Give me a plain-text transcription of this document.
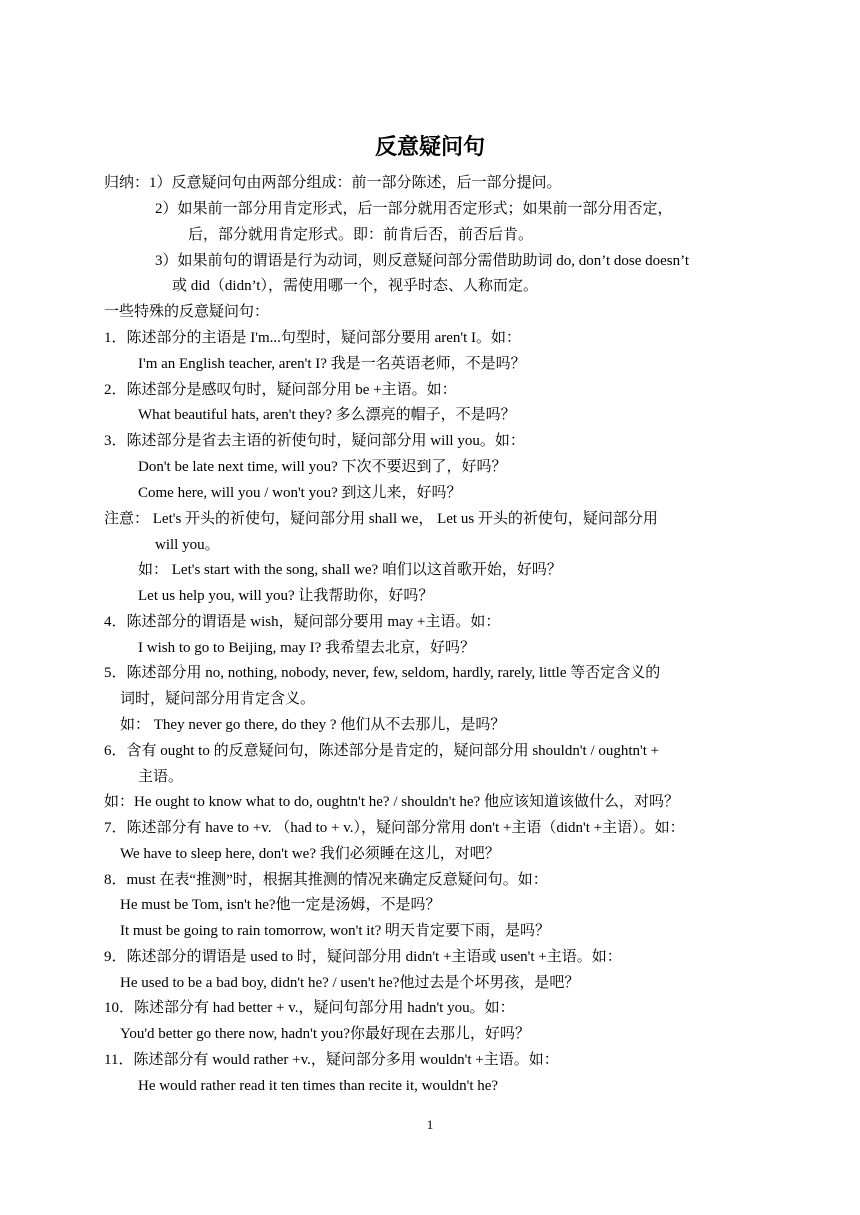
反意疑问句
归纳：1）反意疑问句由两部分组成：前一部分陈述，后一部分提问。
2）如果前一部分用肯定形式，后一部分就用否定形式；如果前一部分用否定，
后，部分就用肯定形式。即：前肯后否，前否后肯。
3）如果前句的谓语是行为动词，则反意疑问部分需借助助词 do, don’t dose doesn’t
或 did（didn’t），需使用哪一个，视乎时态、人称而定。
一些特殊的反意疑问句：
1．陈述部分的主语是 I'm...句型时，疑问部分要用 aren't I。如：
I'm an English teacher, aren't I? 我是一名英语老师，不是吗？
2．陈述部分是感叹句时，疑问部分用 be +主语。如：
What beautiful hats, aren't they? 多么漂亮的帽子，不是吗？
3．陈述部分是省去主语的祈使句时，疑问部分用 will you。如：
Don't be late next time, will you? 下次不要迟到了，好吗？
Come here, will you / won't you? 到这儿来，好吗？
注意： Let's 开头的祈使句，疑问部分用 shall we， Let us 开头的祈使句，疑问部分用
will you。
如： Let's start with the song, shall we? 咱们以这首歌开始，好吗？
Let us help you, will you? 让我帮助你，好吗？
4．陈述部分的谓语是 wish，疑问部分要用 may +主语。如：
I wish to go to Beijing, may I? 我希望去北京，好吗？
5．陈述部分用 no, nothing, nobody, never, few, seldom, hardly, rarely, little 等否定含义的
词时，疑问部分用肯定含义。
如： They never go there, do they ? 他们从不去那儿，是吗？
6．含有 ought to 的反意疑问句，陈述部分是肯定的，疑问部分用 shouldn't / oughtn't +
主语。
如：He ought to know what to do, oughtn't he? / shouldn't he? 他应该知道该做什么，对吗？
7．陈述部分有 have to +v. （had to + v.），疑问部分常用 don't +主语（didn't +主语）。如：
We have to sleep here, don't we? 我们必须睡在这儿，对吧？
8．must 在表“推测”时，根据其推测的情况来确定反意疑问句。如：
He must be Tom, isn't he?他一定是汤姆，不是吗？
It must be going to rain tomorrow, won't it? 明天肯定要下雨，是吗？
9．陈述部分的谓语是 used to 时，疑问部分用 didn't +主语或 usen't +主语。如：
He used to be a bad boy, didn't he? / usen't he?他过去是个坏男孩，是吧？
10．陈述部分有 had better + v.，疑问句部分用 hadn't you。如：
You'd better go there now, hadn't you?你最好现在去那儿，好吗？
11．陈述部分有 would rather +v.，疑问部分多用 wouldn't +主语。如：
He would rather read it ten times than recite it, wouldn't he?
1
